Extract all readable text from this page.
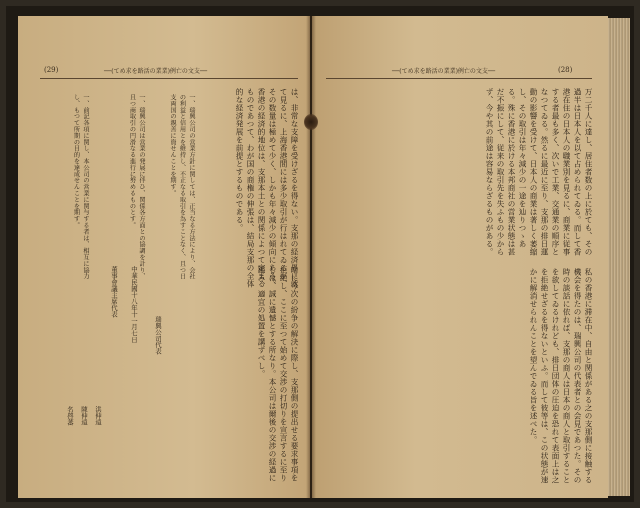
(29)	──(てめ求を路活の業業)例亡の文支──
は、非常な支障を受けざるを得ない。支那の経済界に就て見るに、上海香港間には多少取引が行はれてゐるが、その数量は極めて少く、しかも年々減少の傾向にある。香港の経済的地位は、支那本土との関係によつて定まるものであつて、わが国の商権の伸張は、結局支那の全体的な経済発展を前提とするものである。
一、瑞興公司の営業方針に関しては、正当なる方法により、会社の利益と信用とを維持し、不正なる取引を為すことなく、且つ日支両国の親善に資せんことを期す。
一、瑞興公司は営業の発展に伴ひ、関係各方面との協調を計り、且つ商取引の円滑なる進行に努めるものとす。
一、前記各項に関し、本公司の営業に関与する者は、相互に協力し、もつて所期の目的を達成せんことを期す。
暗に今次の紛争の解決に際し、支那側の提出せる要求事項を拒絶し、ここに至つて始めて交渉の打切りを宣言するに至りしは、誠に遺憾とする所なり。本公司は爾後の交渉の経過に鑑み、適宜の処置を講ずべし。
瑞興公司代表
中華民國十八年十一月七日
董事會議主席代表
洪伸遠
陳伸遠
名啓蕃
──(てめ求を路活の業業)例亡の文支──	(28)
万二千人に達し、居住者数の上に於ても、その過半は日本人を以て占められてゐる。而して香港在住の日本人の職業別を見るに、商業に従事する者最も多く、次いで工業、交通業の順序となつてゐる。然るに最近に至り、支那の排日運動の影響を受けて、日本人の商業は著しく萎縮し、その取引は年々減少の一途を辿りつゝある。殊に香港に於ける本邦商社の営業状態は甚だ不振にして、従来の取引先を失ふもの少からず、今や其の前途は容易ならざるものがある。
私の香港に滞在中、自由と関係がある之の支那側に接触する機会を得たのは、瑞興公司の代表者との会見であつた。その時の談話に依れば、支那の商人は日本の商人と取引することを欲してゐるけれども、排日団体の圧迫を恐れて表面上は之を拒絶せざるを得ないといふ。而して彼等は、この状態が速かに解消せられんことを望んでゐる旨を述べた。
